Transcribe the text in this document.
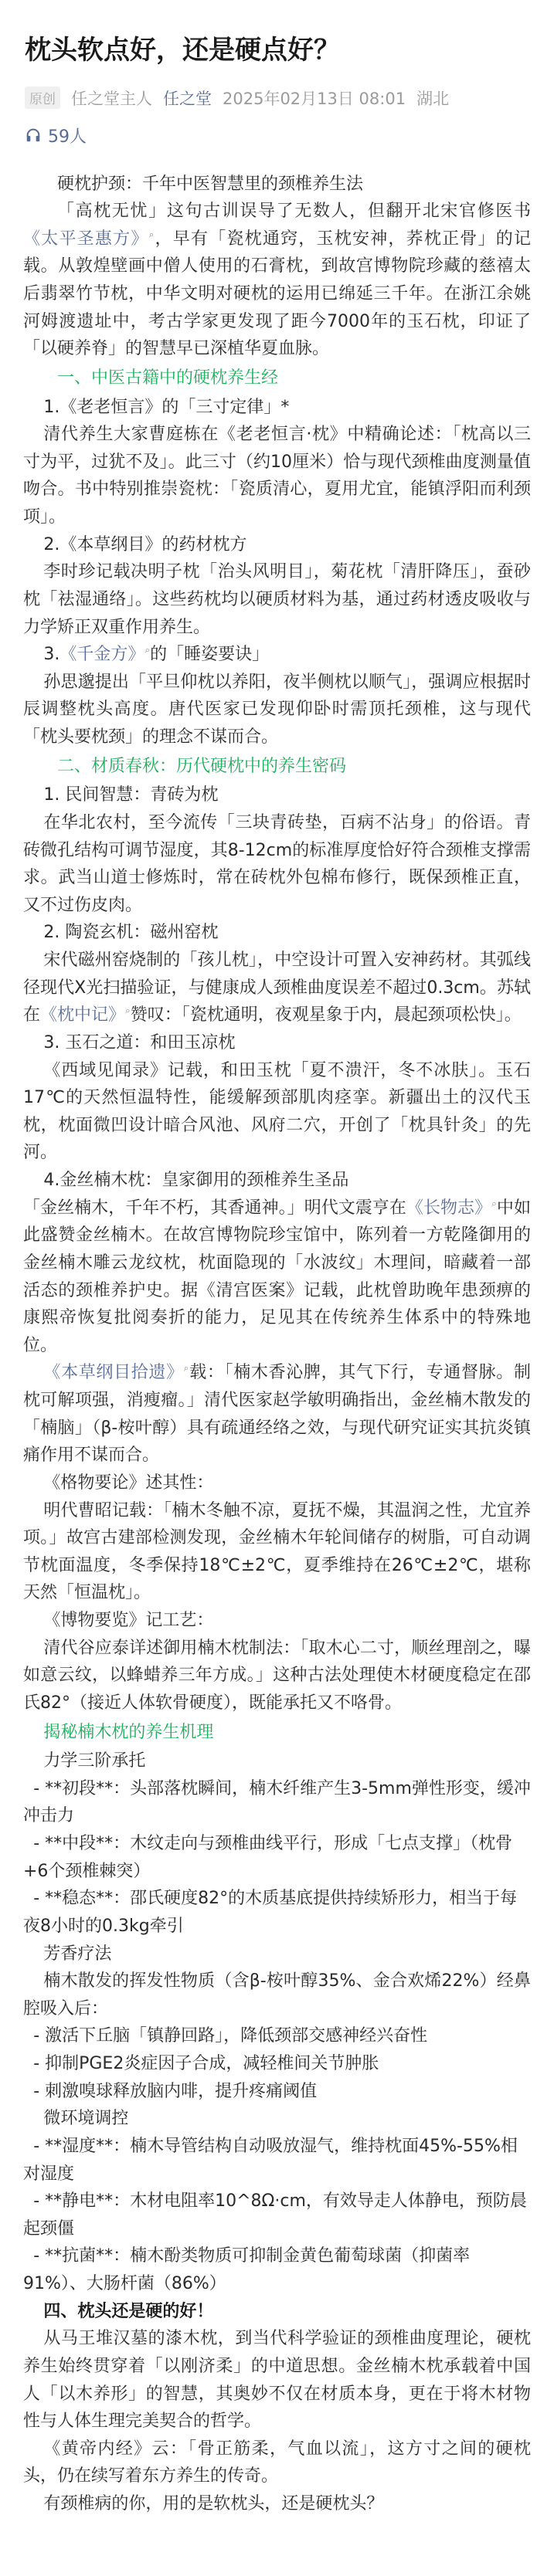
枕头软点好，还是硬点好？
原创 任之堂主人 任之堂 2025年02月13日 08:01 湖北
59人

硬枕护颈：千年中医智慧里的颈椎养生法

「高枕无忧」这句古训误导了无数人，但翻开北宋官修医书《太平圣惠方》⌕，早有「瓷枕通窍，玉枕安神，荞枕正骨」的记载。从敦煌壁画中僧人使用的石膏枕，到故宫博物院珍藏的慈禧太后翡翠竹节枕，中华文明对硬枕的运用已绵延三千年。在浙江余姚河姆渡遗址中，考古学家更发现了距今7000年的玉石枕，印证了「以硬养脊」的智慧早已深植华夏血脉。

一、中医古籍中的硬枕养生经

1.《老老恒言》的「三寸定律」*

清代养生大家曹庭栋在《老老恒言·枕》中精确论述：「枕高以三寸为平，过犹不及」。此三寸（约10厘米）恰与现代颈椎曲度测量值吻合。书中特别推崇瓷枕：「瓷质清心，夏用尤宜，能镇浮阳而利颈项」。

2.《本草纲目》的药材枕方

李时珍记载决明子枕「治头风明目」，菊花枕「清肝降压」，蚕砂枕「祛湿通络」。这些药枕均以硬质材料为基，通过药材透皮吸收与力学矫正双重作用养生。

3.《千金方》⌕的「睡姿要诀」

孙思邈提出「平旦仰枕以养阳，夜半侧枕以顺气」，强调应根据时辰调整枕头高度。唐代医家已发现仰卧时需顶托颈椎，这与现代「枕头要枕颈」的理念不谋而合。

二、材质春秋：历代硬枕中的养生密码

1. 民间智慧：青砖为枕

在华北农村，至今流传「三块青砖垫，百病不沾身」的俗语。青砖微孔结构可调节湿度，其8-12cm的标准厚度恰好符合颈椎支撑需求。武当山道士修炼时，常在砖枕外包棉布修行，既保颈椎正直，又不过伤皮肉。

2. 陶瓷玄机：磁州窑枕

宋代磁州窑烧制的「孩儿枕」，中空设计可置入安神药材。其弧线径现代X光扫描验证，与健康成人颈椎曲度误差不超过0.3cm。苏轼在《枕中记》⌕赞叹：「瓷枕通明，夜观星象于内，晨起颈项松快」。

3. 玉石之道：和田玉凉枕

《西域见闻录》记载，和田玉枕「夏不溃汗，冬不冰肤」。玉石17℃的天然恒温特性，能缓解颈部肌肉痉挛。新疆出土的汉代玉枕，枕面微凹设计暗合风池、风府二穴，开创了「枕具针灸」的先河。

4.金丝楠木枕：皇家御用的颈椎养生圣品

「金丝楠木，千年不朽，其香通神。」明代文震亨在《长物志》⌕中如此盛赞金丝楠木。在故宫博物院珍宝馆中，陈列着一方乾隆御用的金丝楠木雕云龙纹枕，枕面隐现的「水波纹」木理间，暗藏着一部活态的颈椎养护史。据《清宫医案》记载，此枕曾助晚年患颈痹的康熙帝恢复批阅奏折的能力，足见其在传统养生体系中的特殊地位。

《本草纲目拾遗》⌕载：「楠木香沁脾，其气下行，专通督脉。制枕可解项强，消瘦瘤。」清代医家赵学敏明确指出，金丝楠木散发的「楠脑」（β-桉叶醇）具有疏通经络之效，与现代研究证实其抗炎镇痛作用不谋而合。

《格物要论》述其性：

明代曹昭记载：「楠木冬触不凉，夏抚不燥，其温润之性，尤宜养项。」故宫古建部检测发现，金丝楠木年轮间储存的树脂，可自动调节枕面温度，冬季保持18℃±2℃，夏季维持在26℃±2℃，堪称天然「恒温枕」。

《博物要览》记工艺：

清代谷应泰详述御用楠木枕制法：「取木心二寸，顺丝理剖之，曝如意云纹，以蜂蜡养三年方成。」这种古法处理使木材硬度稳定在邵氏82°（接近人体软骨硬度），既能承托又不咯骨。

揭秘楠木枕的养生机理

力学三阶承托

- **初段**：头部落枕瞬间，楠木纤维产生3-5mm弹性形变，缓冲冲击力

- **中段**：木纹走向与颈椎曲线平行，形成「七点支撑」（枕骨+6个颈椎棘突）

- **稳态**：邵氏硬度82°的木质基底提供持续矫形力，相当于每夜8小时的0.3kg牵引

芳香疗法

楠木散发的挥发性物质（含β-桉叶醇35%、金合欢烯22%）经鼻腔吸入后：

- 激活下丘脑「镇静回路」，降低颈部交感神经兴奋性

- 抑制PGE2炎症因子合成，减轻椎间关节肿胀

- 刺激嗅球释放脑内啡，提升疼痛阈值

微环境调控

- **湿度**：楠木导管结构自动吸放湿气，维持枕面45%-55%相对湿度

- **静电**：木材电阻率10^8Ω·cm，有效导走人体静电，预防晨起颈僵

- **抗菌**：楠木酚类物质可抑制金黄色葡萄球菌（抑菌率91%）、大肠杆菌（86%）

四、枕头还是硬的好！

从马王堆汉墓的漆木枕，到当代科学验证的颈椎曲度理论，硬枕养生始终贯穿着「以刚济柔」的中道思想。金丝楠木枕承载着中国人「以木养形」的智慧，其奥妙不仅在材质本身，更在于将木材物性与人体生理完美契合的哲学。

《黄帝内经》云：「骨正筋柔，气血以流」，这方寸之间的硬枕头，仍在续写着东方养生的传奇。

有颈椎病的你，用的是软枕头，还是硬枕头？
